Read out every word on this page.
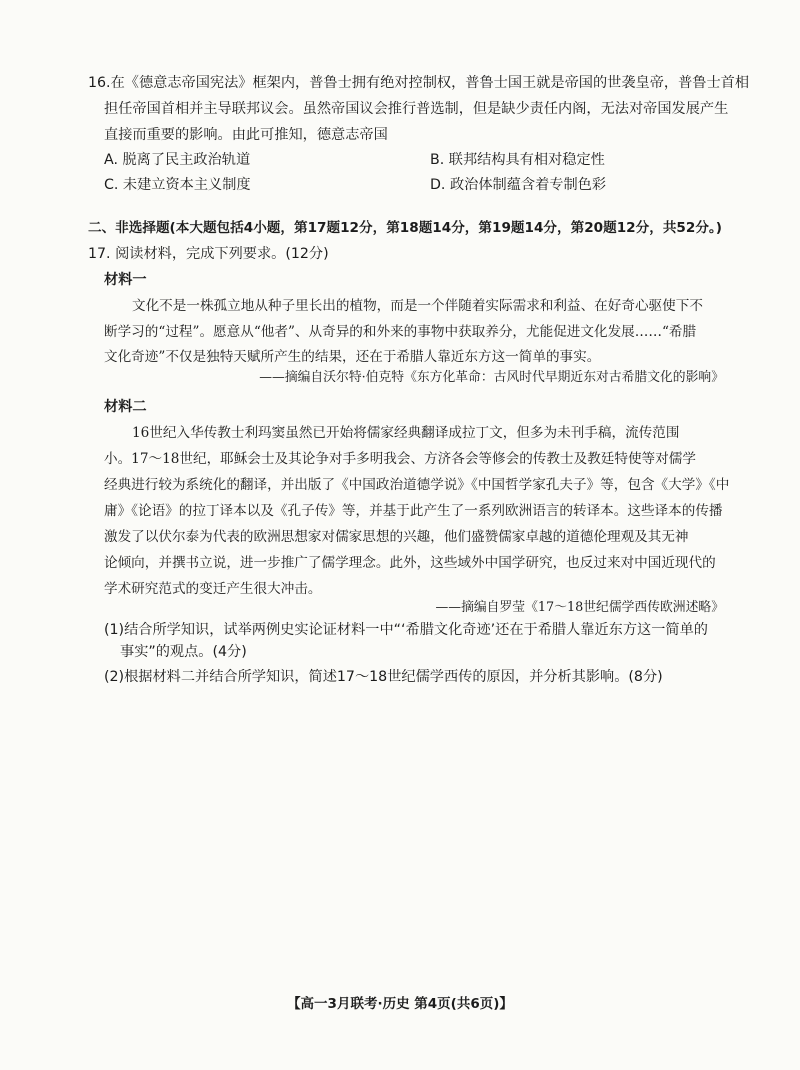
16.在《德意志帝国宪法》框架内，普鲁士拥有绝对控制权，普鲁士国王就是帝国的世袭皇帝，普鲁士首相
担任帝国首相并主导联邦议会。虽然帝国议会推行普选制，但是缺少责任内阁，无法对帝国发展产生
直接而重要的影响。由此可推知，德意志帝国
A. 脱离了民主政治轨道	B. 联邦结构具有相对稳定性
C. 未建立资本主义制度	D. 政治体制蕴含着专制色彩
二、非选择题(本大题包括4小题，第17题12分，第18题14分，第19题14分，第20题12分，共52分。)
17. 阅读材料，完成下列要求。(12分)
材料一
文化不是一株孤立地从种子里长出的植物，而是一个伴随着实际需求和利益、在好奇心驱使下不
断学习的“过程”。愿意从“他者”、从奇异的和外来的事物中获取养分，尤能促进文化发展……“希腊
文化奇迹”不仅是独特天赋所产生的结果，还在于希腊人靠近东方这一简单的事实。
——摘编自沃尔特·伯克特《东方化革命：古风时代早期近东对古希腊文化的影响》
材料二
16世纪入华传教士利玛窦虽然已开始将儒家经典翻译成拉丁文，但多为未刊手稿，流传范围
小。17～18世纪，耶稣会士及其论争对手多明我会、方济各会等修会的传教士及教廷特使等对儒学
经典进行较为系统化的翻译，并出版了《中国政治道德学说》《中国哲学家孔夫子》等，包含《大学》《中
庸》《论语》的拉丁译本以及《孔子传》等，并基于此产生了一系列欧洲语言的转译本。这些译本的传播
激发了以伏尔泰为代表的欧洲思想家对儒家思想的兴趣，他们盛赞儒家卓越的道德伦理观及其无神
论倾向，并撰书立说，进一步推广了儒学理念。此外，这些域外中国学研究，也反过来对中国近现代的
学术研究范式的变迁产生很大冲击。
——摘编自罗莹《17～18世纪儒学西传欧洲述略》
(1)结合所学知识，试举两例史实论证材料一中“‘希腊文化奇迹’还在于希腊人靠近东方这一简单的
事实”的观点。(4分)
(2)根据材料二并结合所学知识，简述17～18世纪儒学西传的原因，并分析其影响。(8分)
【高一3月联考·历史 第4页(共6页)】
